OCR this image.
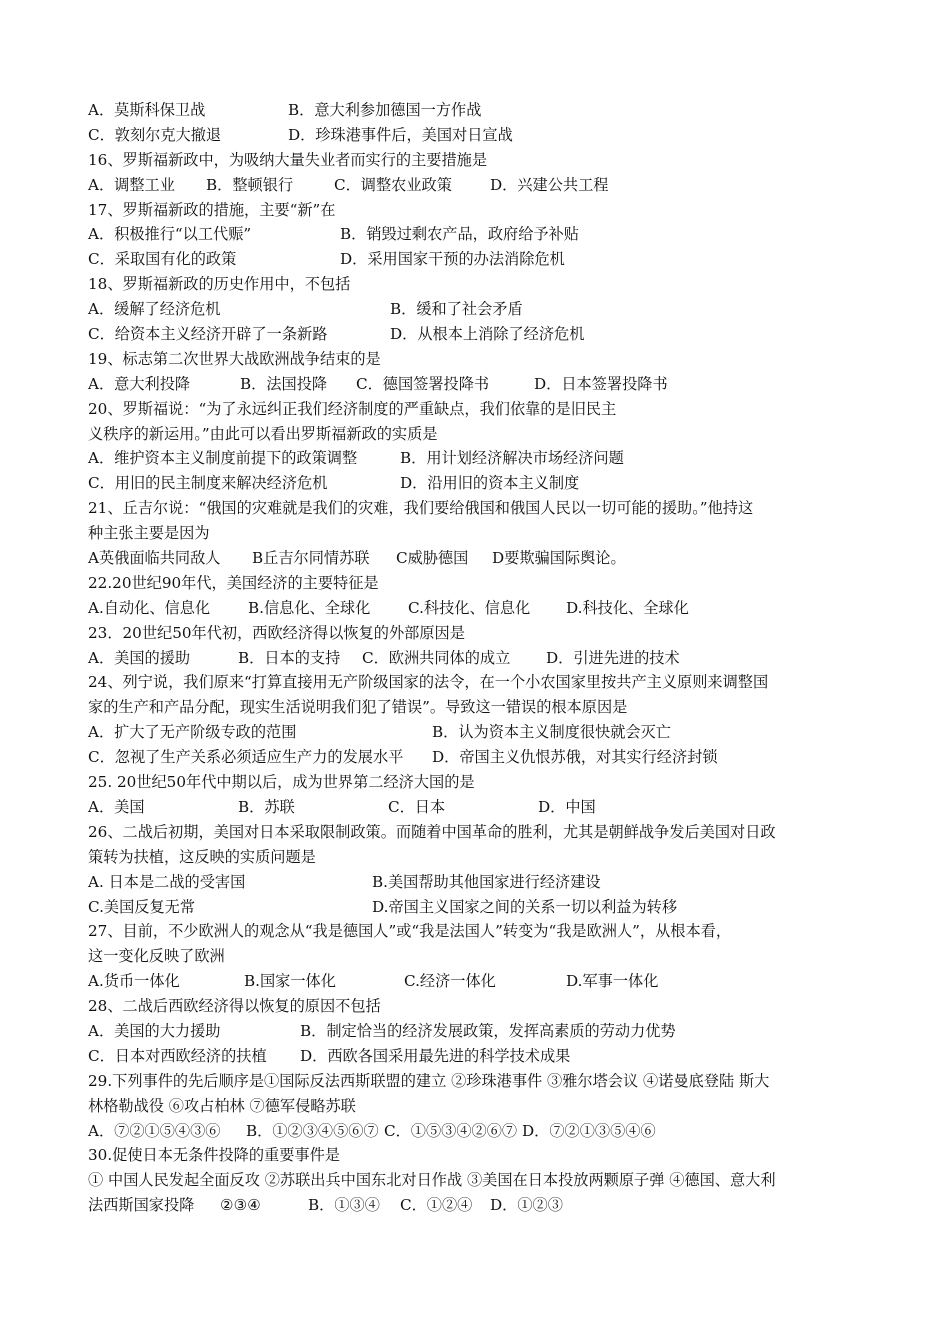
A．莫斯科保卫战	B．意大利参加德国一方作战
C．敦刻尔克大撤退	D．珍珠港事件后，美国对日宣战
16、罗斯福新政中，为吸纳大量失业者而实行的主要措施是
A．调整工业 B．整顿银行	C．调整农业政策	D．兴建公共工程
17、罗斯福新政的措施，主要“新”在
A．积极推行“以工代赈”	B．销毁过剩农产品，政府给予补贴
C．采取国有化的政策	D．采用国家干预的办法消除危机
18、罗斯福新政的历史作用中，不包括
A．缓解了经济危机	B．缓和了社会矛盾
C．给资本主义经济开辟了一条新路	D．从根本上消除了经济危机
19、标志第二次世界大战欧洲战争结束的是
A．意大利投降	B．法国投降 C．德国签署投降书	D．日本签署投降书
20、罗斯福说：“为了永远纠正我们经济制度的严重缺点，我们依靠的是旧民主
义秩序的新运用。”由此可以看出罗斯福新政的实质是
A．维护资本主义制度前提下的政策调整	B．用计划经济解决市场经济问题
C．用旧的民主制度来解决经济危机	D．沿用旧的资本主义制度
21、丘吉尔说：“俄国的灾难就是我们的灾难，我们要给俄国和俄国人民以一切可能的援助。”他持这
种主张主要是因为
A英俄面临共同敌人 B丘吉尔同情苏联 C威胁德国 D要欺骗国际舆论。
22.20世纪90年代，美国经济的主要特征是
A.自动化、信息化 B.信息化、全球化 C.科技化、信息化 D.科技化、全球化
23．20世纪50年代初，西欧经济得以恢复的外部原因是
A．美国的援助	B．日本的支持 C．欧洲共同体的成立 D．引进先进的技术
24、列宁说，我们原来“打算直接用无产阶级国家的法令，在一个小农国家里按共产主义原则来调整国
家的生产和产品分配，现实生活说明我们犯了错误”。导致这一错误的根本原因是
A．扩大了无产阶级专政的范围	B．认为资本主义制度很快就会灭亡
C．忽视了生产关系必须适应生产力的发展水平 D．帝国主义仇恨苏俄，对其实行经济封锁
25. 20世纪50年代中期以后，成为世界第二经济大国的是
A．美国	B．苏联	C．日本	D．中国
26、二战后初期，美国对日本采取限制政策。而随着中国革命的胜利，尤其是朝鲜战争发后美国对日政
策转为扶植，这反映的实质问题是
A. 日本是二战的受害国	B.美国帮助其他国家进行经济建设
C.美国反复无常	D.帝国主义国家之间的关系一切以利益为转移
27、目前，不少欧洲人的观念从“我是德国人”或“我是法国人”转变为“我是欧洲人”，从根本看，
这一变化反映了欧洲
A.货币一体化	B.国家一体化	C.经济一体化	D.军事一体化
28、二战后西欧经济得以恢复的原因不包括
A．美国的大力援助	B．制定恰当的经济发展政策，发挥高素质的劳动力优势
C．日本对西欧经济的扶植 D．西欧各国采用最先进的科学技术成果
29.下列事件的先后顺序是①国际反法西斯联盟的建立 ②珍珠港事件 ③雅尔塔会议 ④诺曼底登陆 斯大
林格勒战役 ⑥攻占柏林 ⑦德军侵略苏联
A．⑦②①⑤④③⑥ B．①②③④⑤⑥⑦ C．①⑤③④②⑥⑦ D．⑦②①③⑤④⑥
30.促使日本无条件投降的重要事件是
① 中国人民发起全面反攻 ②苏联出兵中国东北对日作战 ③美国在日本投放两颗原子弹 ④德国、意大利
法西斯国家投降 ②③④	B．①③④ C．①②④ D．①②③
